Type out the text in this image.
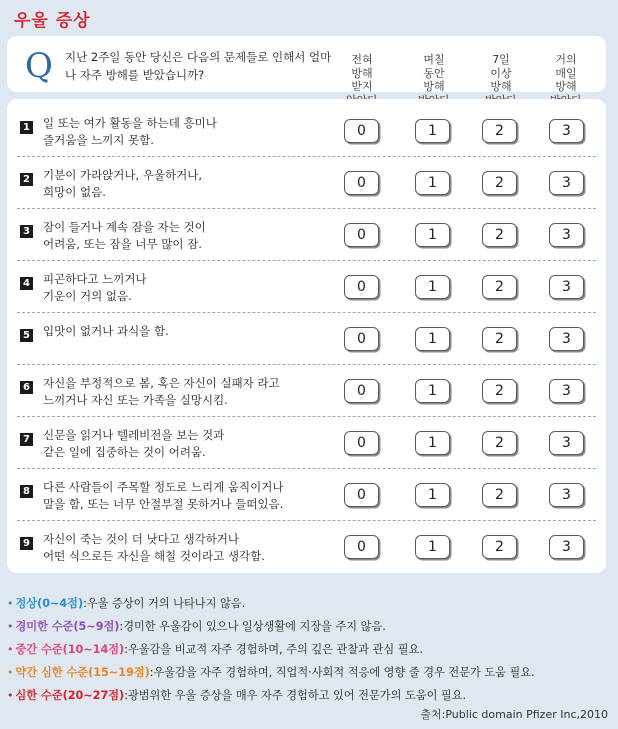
우울 증상
Q 지난 2주일 동안 당신은 다음의 문제들로 인해서 얼마나 자주 방해를 받았습니까?
전혀
방해
받지

며칠
동안
방해

7일
이상
방해

거의
매일
방해

1 일 또는 여가 활동을 하는데 흥미나
즐거움을 느끼지 못함.
0	1	2	3
2 기분이 가라앉거나, 우울하거나,
희망이 없음.
0	1	2	3
3 잠이 들거나 계속 잠을 자는 것이
어려움, 또는 잠을 너무 많이 잠.
0	1	2	3
4 피곤하다고 느끼거나
기운이 거의 없음.
0	1	2	3
5 입맛이 없거나 과식을 함.	0	1	2	3
6 자신을 부정적으로 봄, 혹은 자신이 실패자 라고
느끼거나 자신 또는 가족을 실망시킴.
0	1	2	3
7 신문을 읽거나 텔레비전을 보는 것과
같은 일에 집중하는 것이 어려움.
0	1	2	3
8 다른 사람들이 주목할 정도로 느리게 움직이거나
말을 함, 또는 너무 안절부절 못하거나 들떠있음.
0	1	2	3
9 자신이 죽는 것이 더 낫다고 생각하거나
어떤 식으로든 자신을 해칠 것이라고 생각함.
0	1	2	3
• 정상(0~4점):우울 증상이 거의 나타나지 않음.
• 경미한 수준(5~9점):경미한 우울감이 있으나 일상생활에 지장을 주지 않음.
• 중간 수준(10~14점):우울감을 비교적 자주 경험하며, 주의 깊은 관찰과 관심 필요.
• 약간 심한 수준(15~19점):우울감을 자주 경험하며, 직업적·사회적 적응에 영향 줄 경우 전문가 도움 필요.
• 심한 수준(20~27점):광범위한 우울 증상을 매우 자주 경험하고 있어 전문가의 도움이 필요.
출처:Public domain Pfizer Inc,2010
